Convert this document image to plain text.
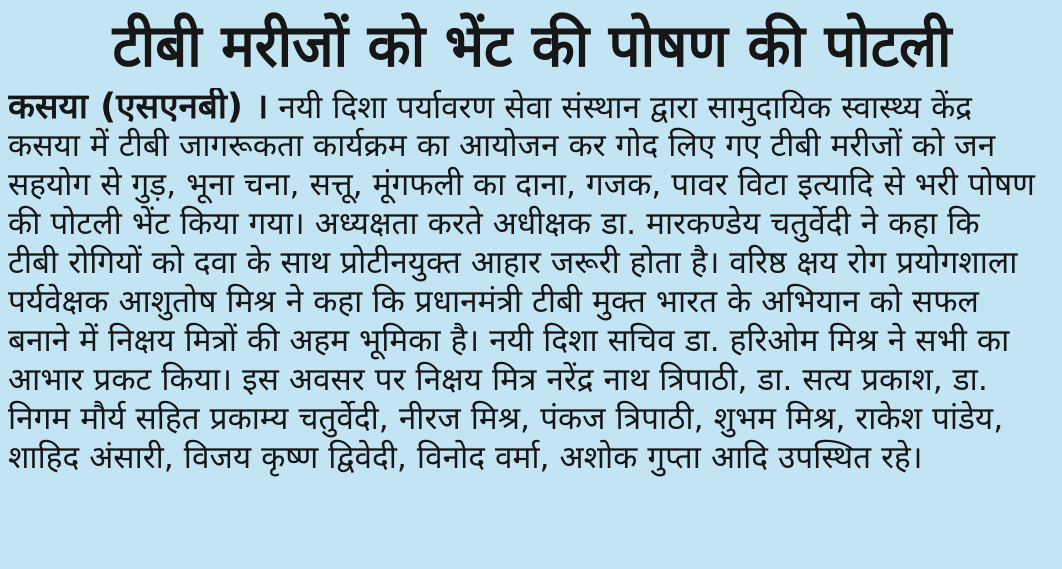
टीबी मरीजों को भेंट की पोषण की पोटली
कसया (एसएनबी) । नयी दिशा पर्यावरण सेवा संस्थान द्वारा सामुदायिक स्वास्थ्य केंद्र
कसया में टीबी जागरूकता कार्यक्रम का आयोजन कर गोद लिए गए टीबी मरीजों को जन
सहयोग से गुड़, भूना चना, सत्तू, मूंगफली का दाना, गजक, पावर विटा इत्यादि से भरी पोषण
की पोटली भेंट किया गया। अध्यक्षता करते अधीक्षक डा. मारकण्डेय चतुर्वेदी ने कहा कि
टीबी रोगियों को दवा के साथ प्रोटीनयुक्त आहार जरूरी होता है। वरिष्ठ क्षय रोग प्रयोगशाला
पर्यवेक्षक आशुतोष मिश्र ने कहा कि प्रधानमंत्री टीबी मुक्त भारत के अभियान को सफल
बनाने में निक्षय मित्रों की अहम भूमिका है। नयी दिशा सचिव डा. हरिओम मिश्र ने सभी का
आभार प्रकट किया। इस अवसर पर निक्षय मित्र नरेंद्र नाथ त्रिपाठी, डा. सत्य प्रकाश, डा.
निगम मौर्य सहित प्रकाम्य चतुर्वेदी, नीरज मिश्र, पंकज त्रिपाठी, शुभम मिश्र, राकेश पांडेय,
शाहिद अंसारी, विजय कृष्ण द्विवेदी, विनोद वर्मा, अशोक गुप्ता आदि उपस्थित रहे।
